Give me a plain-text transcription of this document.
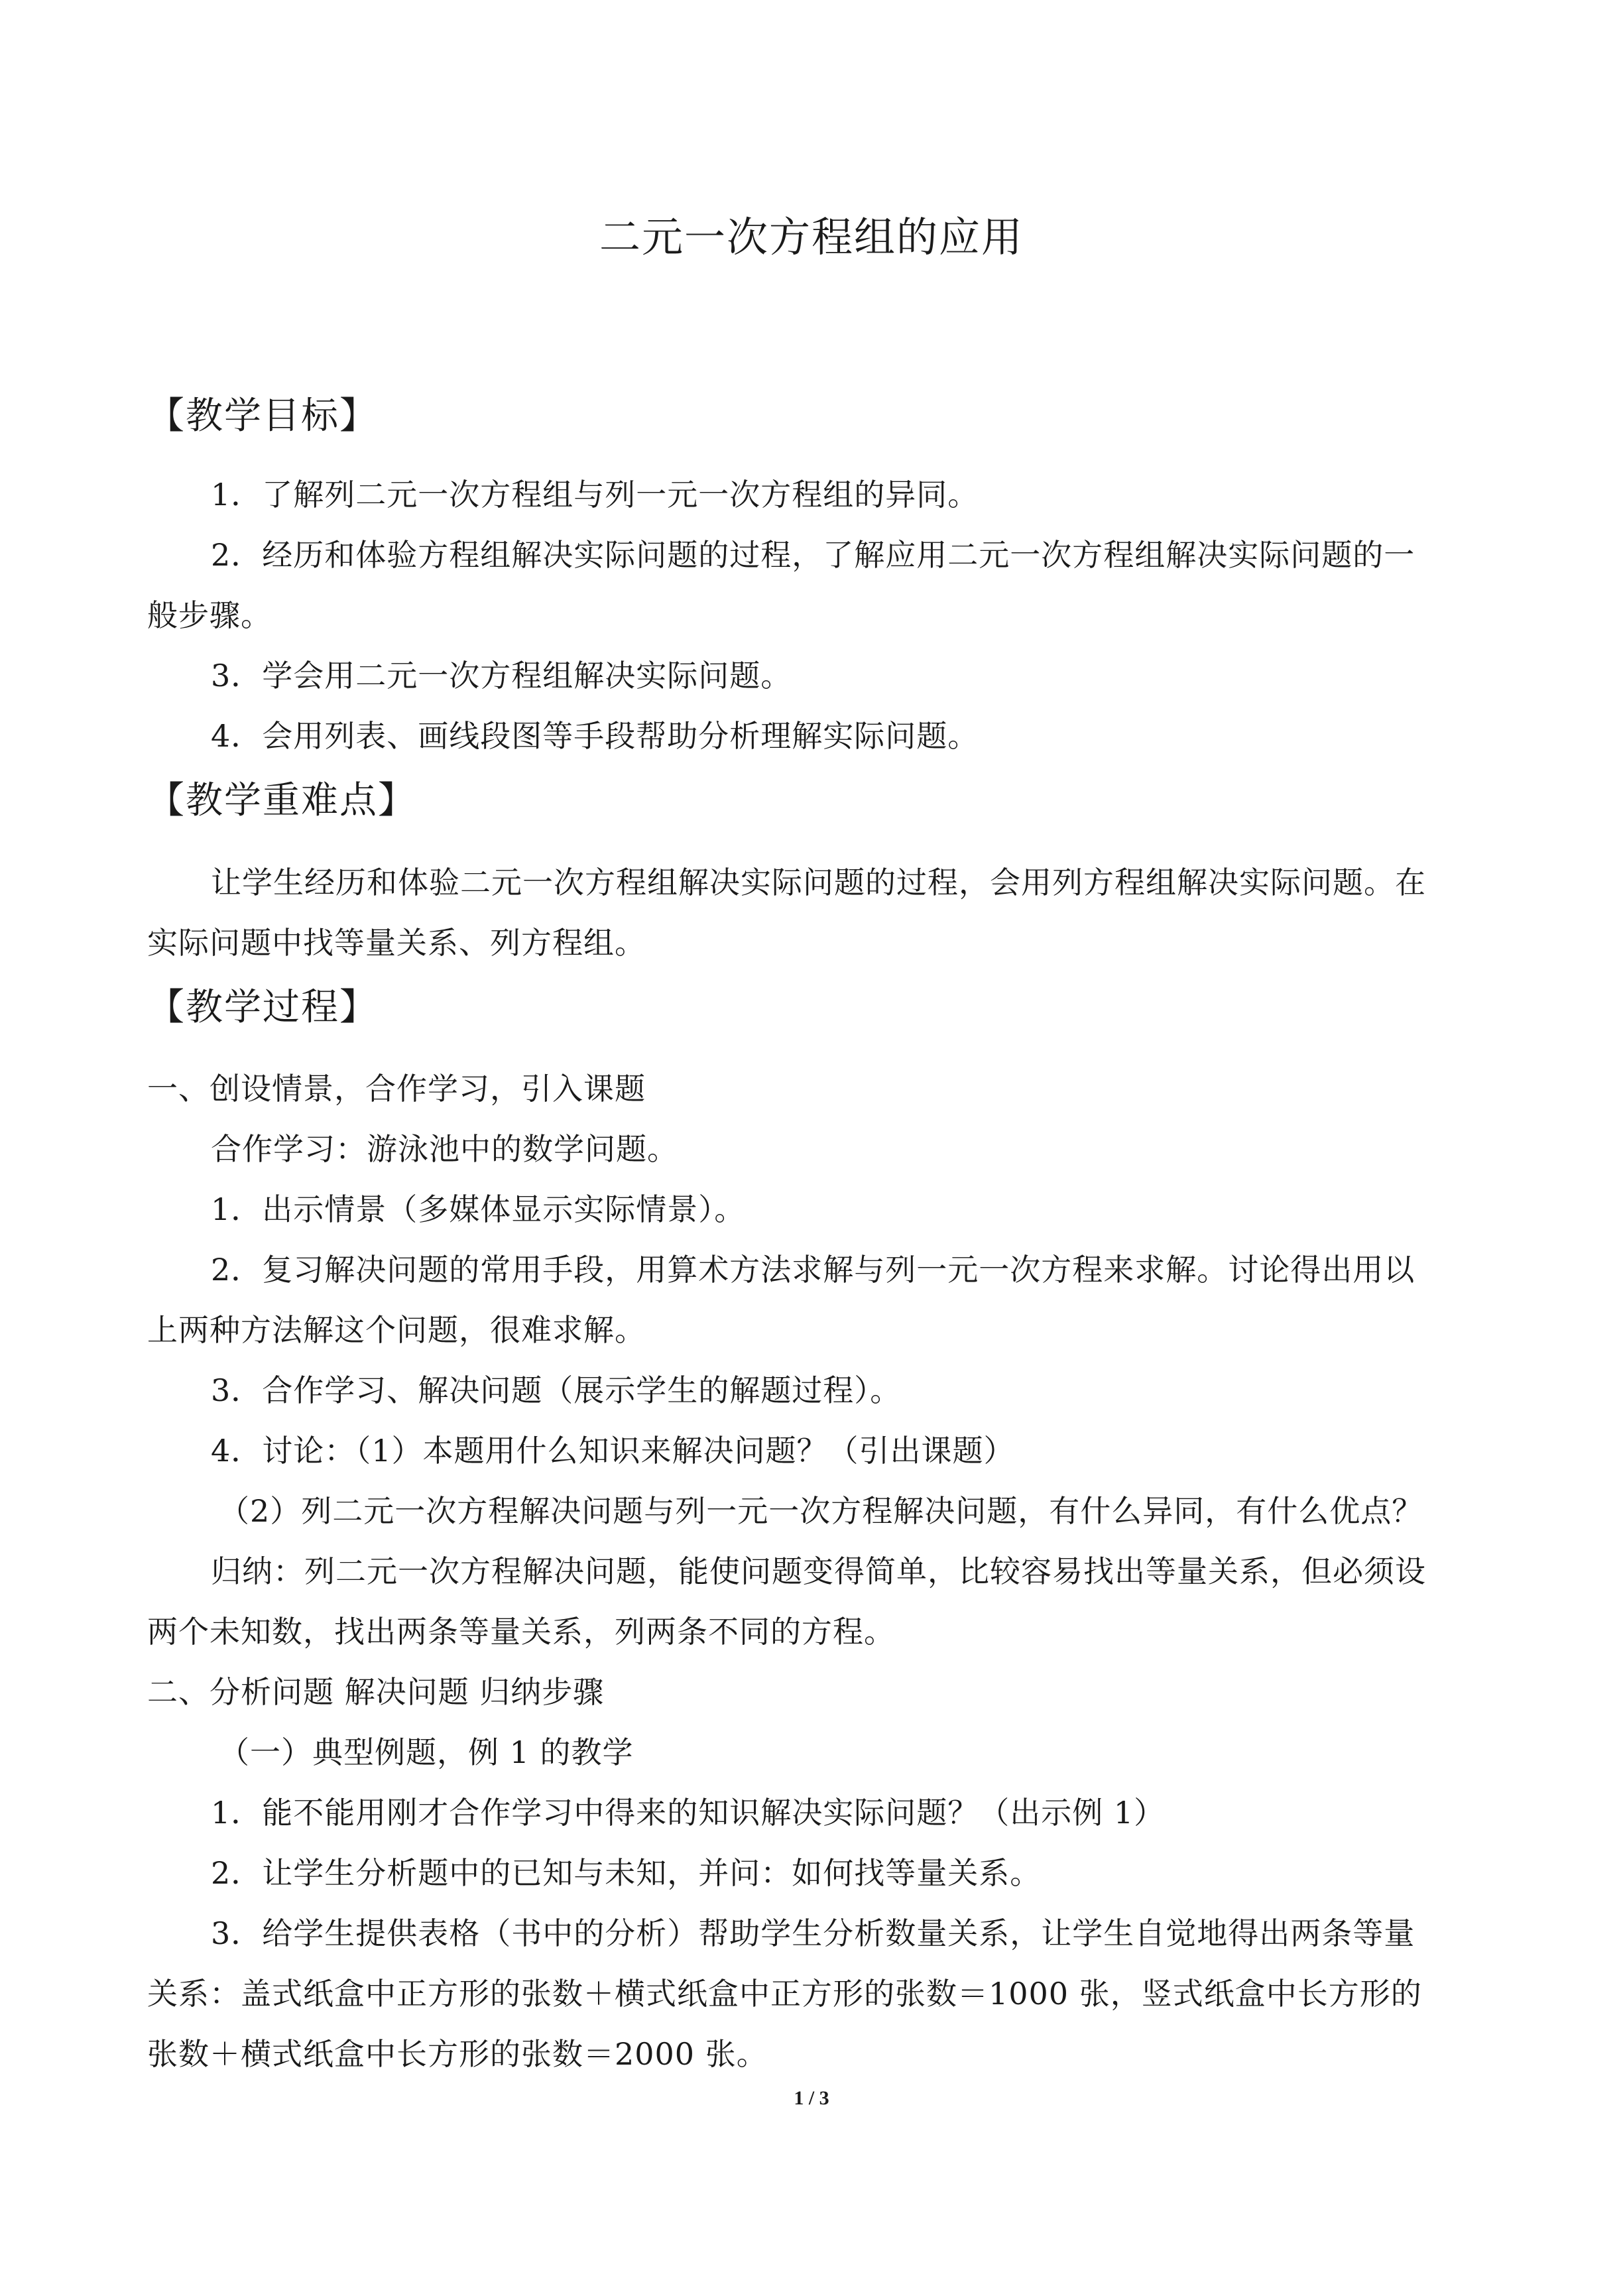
二元一次方程组的应用
【教学目标】
1．了解列二元一次方程组与列一元一次方程组的异同。
2．经历和体验方程组解决实际问题的过程，了解应用二元一次方程组解决实际问题的一
般步骤。
3．学会用二元一次方程组解决实际问题。
4．会用列表、画线段图等手段帮助分析理解实际问题。
【教学重难点】
让学生经历和体验二元一次方程组解决实际问题的过程，会用列方程组解决实际问题。在
实际问题中找等量关系、列方程组。
【教学过程】
一、创设情景，合作学习，引入课题
合作学习：游泳池中的数学问题。
1．出示情景（多媒体显示实际情景）。
2．复习解决问题的常用手段，用算术方法求解与列一元一次方程来求解。讨论得出用以
上两种方法解这个问题，很难求解。
3．合作学习、解决问题（展示学生的解题过程）。
4．讨论：（1）本题用什么知识来解决问题？（引出课题）
（2）列二元一次方程解决问题与列一元一次方程解决问题，有什么异同，有什么优点？
归纳：列二元一次方程解决问题，能使问题变得简单，比较容易找出等量关系，但必须设
两个未知数，找出两条等量关系，列两条不同的方程。
二、分析问题 解决问题 归纳步骤
（一）典型例题，例 1 的教学
1．能不能用刚才合作学习中得来的知识解决实际问题？（出示例 1）
2．让学生分析题中的已知与未知，并问：如何找等量关系。
3．给学生提供表格（书中的分析）帮助学生分析数量关系，让学生自觉地得出两条等量
关系：盖式纸盒中正方形的张数＋横式纸盒中正方形的张数＝1000 张，竖式纸盒中长方形的
张数＋横式纸盒中长方形的张数＝2000 张。
1 / 3
